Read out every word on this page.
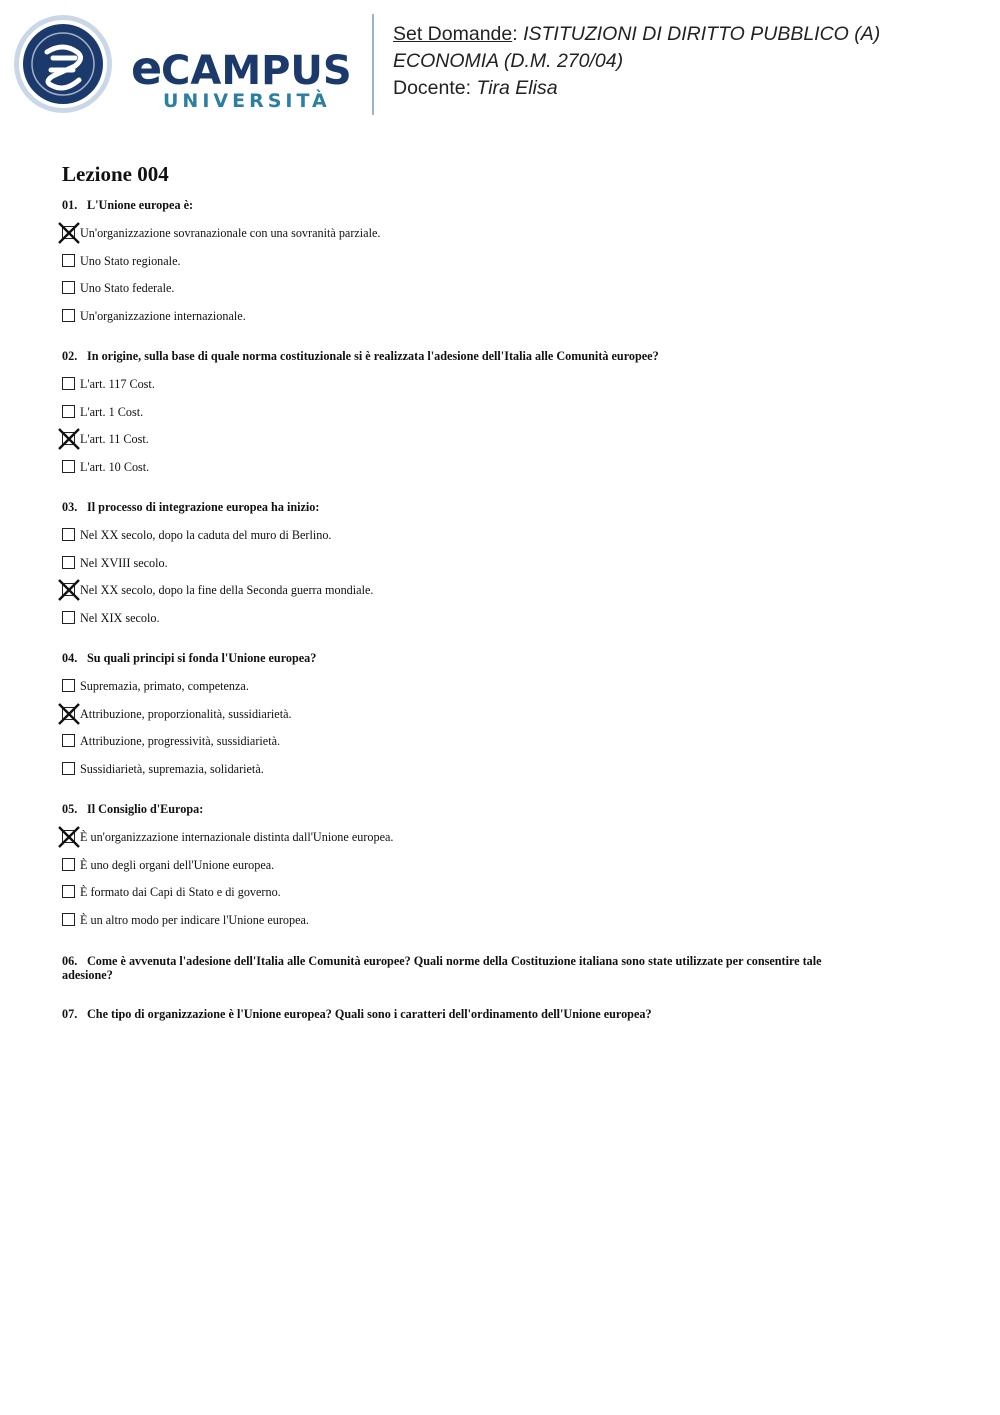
e
CAMPUS
UNIVERSITÀ
Set Domande: ISTITUZIONI DI DIRITTO PUBBLICO (A)
ECONOMIA (D.M. 270/04)
Docente: Tira Elisa
Lezione 004
01. L'Unione europea è:
Un'organizzazione sovranazionale con una sovranità parziale.
Uno Stato regionale.
Uno Stato federale.
Un'organizzazione internazionale.
02. In origine, sulla base di quale norma costituzionale si è realizzata l'adesione dell'Italia alle Comunità europee?
L'art. 117 Cost.
L'art. 1 Cost.
L'art. 11 Cost.
L'art. 10 Cost.
03. Il processo di integrazione europea ha inizio:
Nel XX secolo, dopo la caduta del muro di Berlino.
Nel XVIII secolo.
Nel XX secolo, dopo la fine della Seconda guerra mondiale.
Nel XIX secolo.
04. Su quali principi si fonda l'Unione europea?
Supremazia, primato, competenza.
Attribuzione, proporzionalità, sussidiarietà.
Attribuzione, progressività, sussidiarietà.
Sussidiarietà, supremazia, solidarietà.
05. Il Consiglio d'Europa:
È un'organizzazione internazionale distinta dall'Unione europea.
È uno degli organi dell'Unione europea.
È formato dai Capi di Stato e di governo.
È un altro modo per indicare l'Unione europea.
06. Come è avvenuta l'adesione dell'Italia alle Comunità europee? Quali norme della Costituzione italiana sono state utilizzate per consentire tale adesione?
07. Che tipo di organizzazione è l'Unione europea? Quali sono i caratteri dell'ordinamento dell'Unione europea?
